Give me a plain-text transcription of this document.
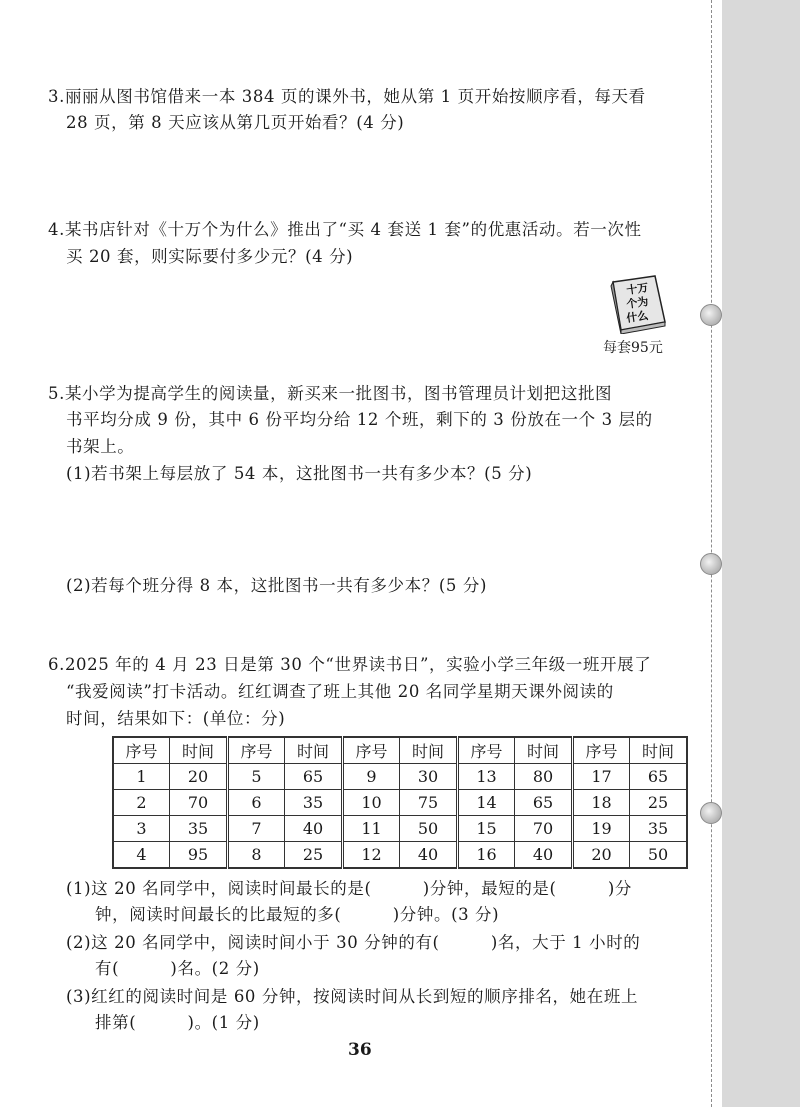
3.丽丽从图书馆借来一本 384 页的课外书，她从第 1 页开始按顺序看，每天看
28 页，第 8 天应该从第几页开始看？(4 分)
4.某书店针对《十万个为什么》推出了“买 4 套送 1 套”的优惠活动。若一次性
买 20 套，则实际要付多少元？(4 分)
十万
个为
什么
每套95元
5.某小学为提高学生的阅读量，新买来一批图书，图书管理员计划把这批图
书平均分成 9 份，其中 6 份平均分给 12 个班，剩下的 3 份放在一个 3 层的
书架上。
(1)若书架上每层放了 54 本，这批图书一共有多少本？(5 分)
(2)若每个班分得 8 本，这批图书一共有多少本？(5 分)
6.2025 年的 4 月 23 日是第 30 个“世界读书日”，实验小学三年级一班开展了
“我爱阅读”打卡活动。红红调查了班上其他 20 名同学星期天课外阅读的
时间，结果如下：(单位：分)
序号	时间	序号	时间	序号	时间	序号	时间	序号	时间
1	20	5	65	9	30	13	80	17	65
2	70	6	35	10	75	14	65	18	25
3	35	7	40	11	50	15	70	19	35
4	95	8	25	12	40	16	40	20	50
(1)这 20 名同学中，阅读时间最长的是(　　　)分钟，最短的是(　　　)分
钟，阅读时间最长的比最短的多(　　　)分钟。(3 分)
(2)这 20 名同学中，阅读时间小于 30 分钟的有(　　　)名，大于 1 小时的
有(　　　)名。(2 分)
(3)红红的阅读时间是 60 分钟，按阅读时间从长到短的顺序排名，她在班上
排第(　　　)。(1 分)
36
